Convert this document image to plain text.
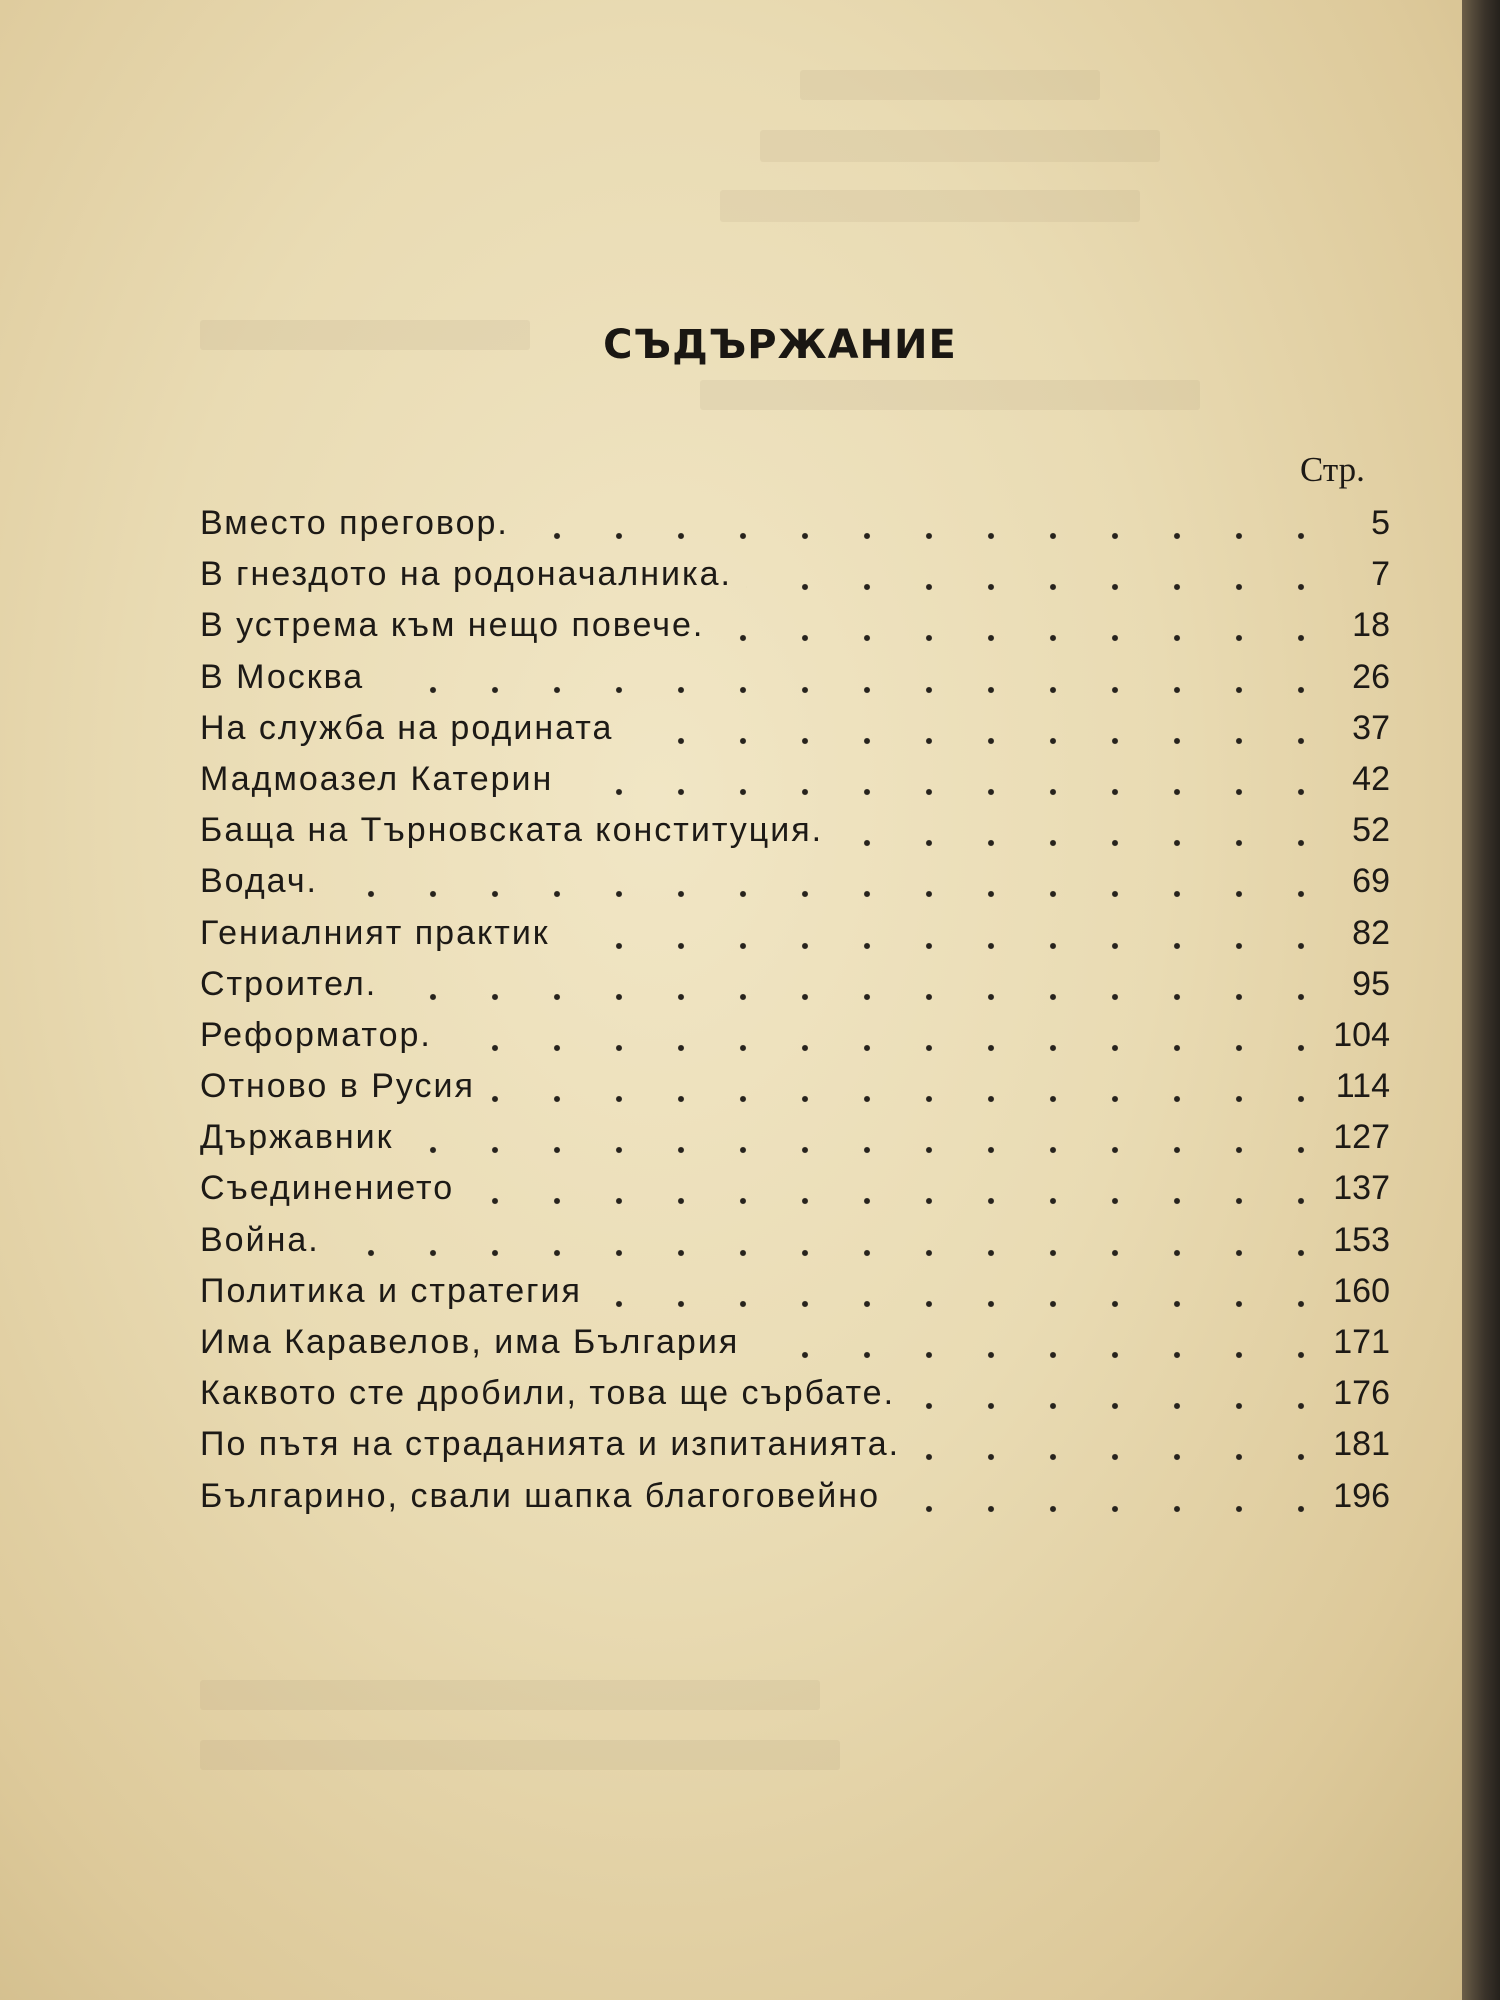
СЪДЪРЖАНИЕ
Стр.
Вместо преговор.	5
В гнездото на родоначалника.	7
В устрема към нещо повече.	18
В Москва	26
На служба на родината	37
Мадмоазел Катерин	42
Баща на Търновската конституция.	52
Водач.	69
Гениалният практик	82
Строител.	95
Реформатор.	104
Отново в Русия	114
Държавник	127
Съединението	137
Война.	153
Политика и стратегия	160
Има Каравелов, има България	171
Каквото сте дробили, това ще сърбате.	176
По пътя на страданията и изпитанията.	181
Българино, свали шапка благоговейно	196
